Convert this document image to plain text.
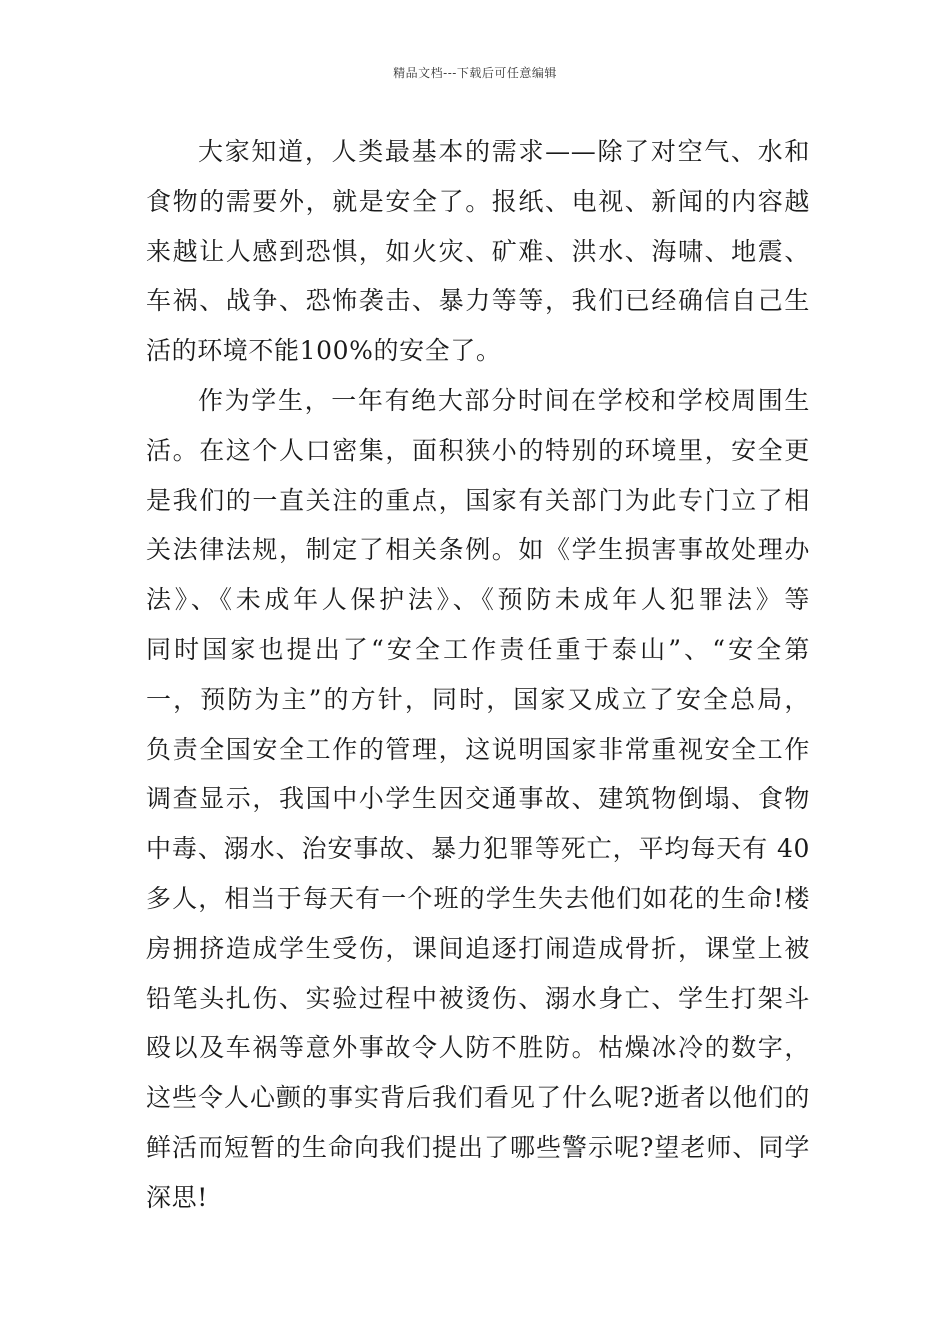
精品文档---下载后可任意编辑
大家知道，人类最基本的需求——除了对空气、水和
食物的需要外，就是安全了。报纸、电视、新闻的内容越
来越让人感到恐惧，如火灾、矿难、洪水、海啸、地震、
车祸、战争、恐怖袭击、暴力等等，我们已经确信自己生
活的环境不能100%的安全了。
作为学生，一年有绝大部分时间在学校和学校周围生
活。在这个人口密集，面积狭小的特别的环境里，安全更
是我们的一直关注的重点，国家有关部门为此专门立了相
关法律法规，制定了相关条例。如《学生损害事故处理办
法》、《未成年人保护法》、《预防未成年人犯罪法》等
同时国家也提出了“安全工作责任重于泰山”、“安全第
一，预防为主”的方针，同时，国家又成立了安全总局，
负责全国安全工作的管理，这说明国家非常重视安全工作
调查显示，我国中小学生因交通事故、建筑物倒塌、食物
中毒、溺水、治安事故、暴力犯罪等死亡，平均每天有 40
多人，相当于每天有一个班的学生失去他们如花的生命!楼
房拥挤造成学生受伤，课间追逐打闹造成骨折，课堂上被
铅笔头扎伤、实验过程中被烫伤、溺水身亡、学生打架斗
殴以及车祸等意外事故令人防不胜防。枯燥冰冷的数字，
这些令人心颤的事实背后我们看见了什么呢?逝者以他们的
鲜活而短暂的生命向我们提出了哪些警示呢?望老师、同学
深思!
